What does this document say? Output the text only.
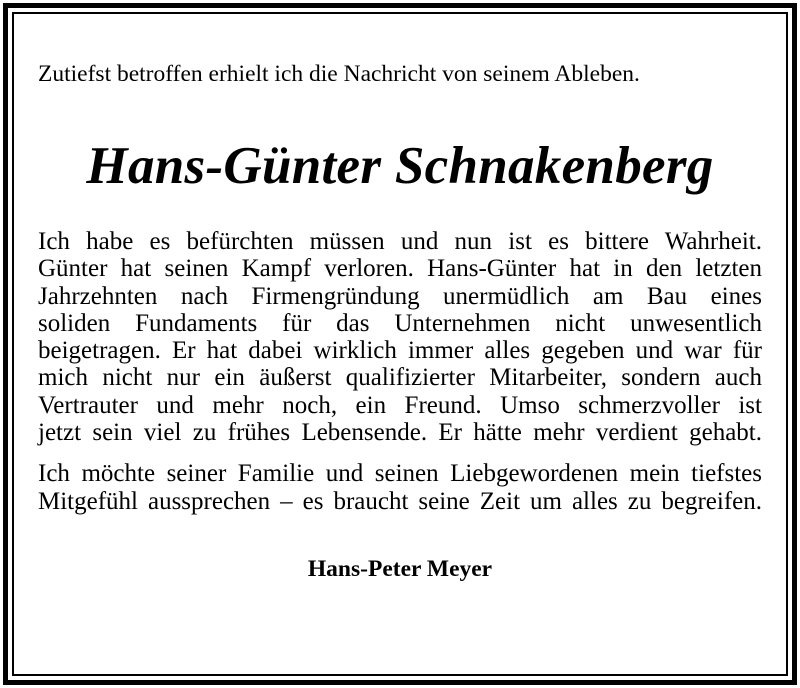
Zutiefst betroffen erhielt ich die Nachricht von seinem Ableben.

Hans-Günter Schnakenberg

Ich habe es befürchten müssen und nun ist es bittere Wahrheit.
Günter hat seinen Kampf verloren. Hans-Günter hat in den letzten
Jahrzehnten nach Firmengründung unermüdlich am Bau eines
soliden Fundaments für das Unternehmen nicht unwesentlich
beigetragen. Er hat dabei wirklich immer alles gegeben und war für
mich nicht nur ein äußerst qualifizierter Mitarbeiter, sondern auch
Vertrauter und mehr noch, ein Freund. Umso schmerzvoller ist
jetzt sein viel zu frühes Lebensende. Er hätte mehr verdient gehabt.

Ich möchte seiner Familie und seinen Liebgewordenen mein tiefstes
Mitgefühl aussprechen – es braucht seine Zeit um alles zu begreifen.

Hans-Peter Meyer
